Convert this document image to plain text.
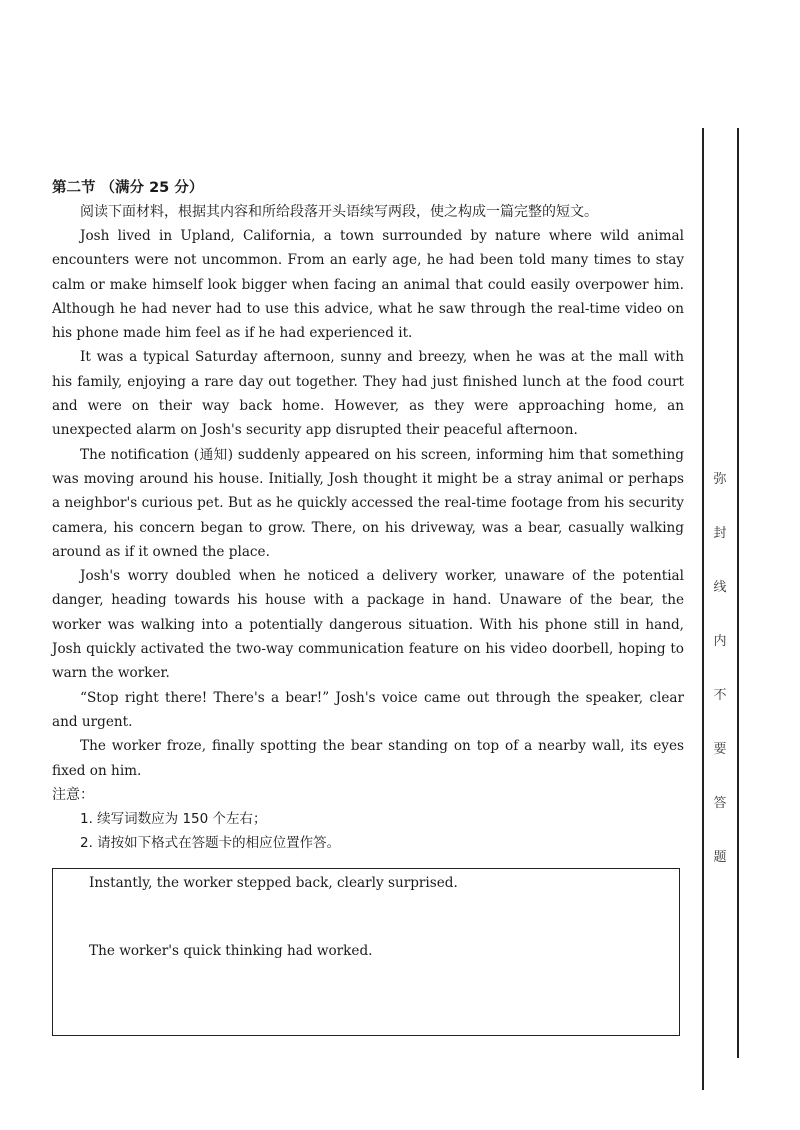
弥
封
线
内
不
要
答
题

第二节 （满分 25 分）

阅读下面材料，根据其内容和所给段落开头语续写两段，使之构成一篇完整的短文。

Josh lived in Upland, California, a town surrounded by nature where wild animal encounters were not uncommon. From an early age, he had been told many times to stay calm or make himself look bigger when facing an animal that could easily overpower him. Although he had never had to use this advice, what he saw through the real-time video on his phone made him feel as if he had experienced it.

It was a typical Saturday afternoon, sunny and breezy, when he was at the mall with his family, enjoying a rare day out together. They had just finished lunch at the food court and were on their way back home. However, as they were approaching home, an unexpected alarm on Josh's security app disrupted their peaceful afternoon.

The notification (通知) suddenly appeared on his screen, informing him that something was moving around his house. Initially, Josh thought it might be a stray animal or perhaps a neighbor's curious pet. But as he quickly accessed the real-time footage from his security camera, his concern began to grow. There, on his driveway, was a bear, casually walking around as if it owned the place.

Josh's worry doubled when he noticed a delivery worker, unaware of the potential danger, heading towards his house with a package in hand. Unaware of the bear, the worker was walking into a potentially dangerous situation. With his phone still in hand, Josh quickly activated the two-way communication feature on his video doorbell, hoping to warn the worker.

“Stop right there! There's a bear!” Josh's voice came out through the speaker, clear and urgent.

The worker froze, finally spotting the bear standing on top of a nearby wall, its eyes fixed on him.

注意：

1. 续写词数应为 150 个左右；

2. 请按如下格式在答题卡的相应位置作答。

Instantly, the worker stepped back, clearly surprised.

The worker's quick thinking had worked.
